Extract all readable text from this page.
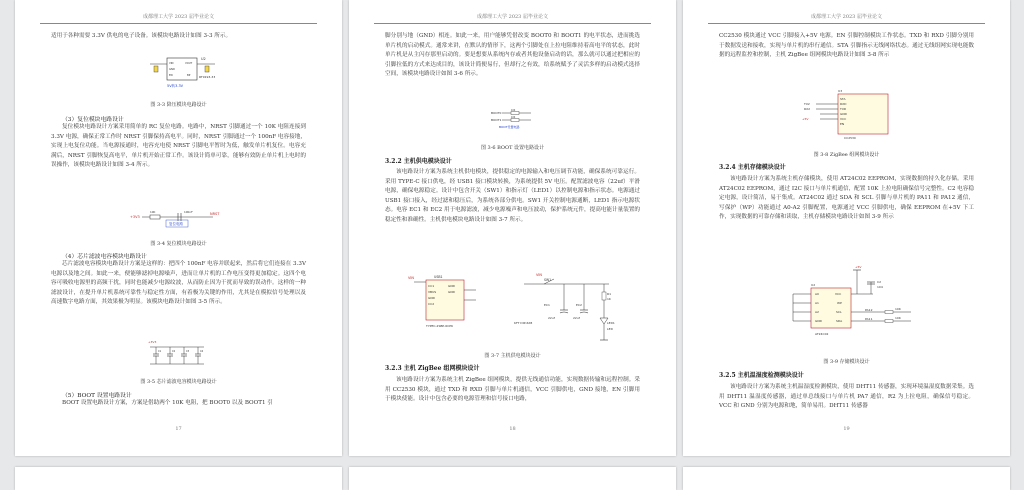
成都理工大学 2023 届毕业论文
适用于各种需要 3.3V 供电的电子设备。该模块电路设计如图 3-3 所示。
U2
RT9193-33
5V转3.3V
VIN
GND
EN
VOUT
BP
图 3-3 降压模块电路设计
（3）复位模块电路设计
复位模块电路设计方案采用简单的 RC 复位电路。电路中，NRST 引脚通过一个 10K 电阻连接到 3.3V 电源，确保正常工作时 NRST 引脚保持高电平。同时，NRST 引脚通过一个 100nF 电容接地，实现上电复位功能。当电源接通时，电容充电使 NRST 引脚电平暂时为低，触发单片机复位。电容充满后，NRST 引脚恢复高电平，单片机开始正常工作。该设计简单可靠，能够有效防止单片机上电时的误操作，该模块电路设计如图 3-4 所示。
+3V3
NRST
复位电路
10K	100nF
图 3-4 复位模块电路设计
（4）芯片滤波电容模块电路设计
芯片滤波电容模块电路设计方案是这样的：把四个 100nF 电容并联起来，然后将它们连接在 3.3V 电源以及地之间。如此一来，便能够滤掉电源噪声，进而让单片机的工作电压变得更加稳定。这四个电容可吸收电源里的高频干扰，同时也能减少电源纹波，从而防止因为干扰而导致的误动作。这样的一种滤波设计，在提升单片机系统可靠性与稳定性方面，有着极为关键的作用，尤其是在模拟信号处理以及高速数字电路方面，其效果极为明显。该模块电路设计如图 3-5 所示。
+3V3
C1	C2	C3	C4
图 3-5 芯片滤波电容模块电路设计
（5）BOOT 设置电路设计
BOOT 设置电路设计方案，方案是借助两个 10K 电阻，把 BOOT0 以及 BOOT1 引
17
成都理工大学 2023 届毕业论文
脚分别与地（GND）相连。如此一来，用户能够凭借改变 BOOT0 和 BOOT1 的电平状态，进而挑选单片机的启动模式。通常来讲，在默认的情形下，这两个引脚处在上拉电阻维持着高电平的状态，此时单片机是从主闪存那里启动的。要是想要从系统内存或者其他设备启动的话，那么就可以通过把相应的引脚拉低的方式来达成目的，该设计简便易行，但却行之有效，给系统赋予了灵活多样的启动模式选择空间，该模块电路设计如图 3-6 所示。
BOOT0
BOOT1
10K
10K
BOOT设置电路
图 3-6 BOOT 设置电路设计
3.2.2 主机供电模块设计
该电路设计方案为系统主机供电模块，提供稳定的电源输入和电压调节功能，确保系统可靠运行。采用 TYPE-C 接口供电，经 USB1 接口模块转换，为系统提供 5V 电压。配置滤波电容（22uf）平滑电源，确保电源稳定。设计中包含开关（SW1）和指示灯（LED1）以控制电源和指示状态。电源通过 USB1 接口接入，经过滤和稳压后，为系统各部分供电。SW1 开关控制电源通断，LED1 指示电源状态。电容 EC1 和 EC2 用于电源滤波，减少电源噪声和电压波动，保护系统元件，提高电能计量装置的稳定性和准确性。主机供电模块电路设计如图 3-7 所示。
VIN	USB1
CC1
VBUS
GND
CC2
GND
GND
TYPEC-2SBP-6CP6
VIN
SW1
KFT DIP-6X8
EC1
22uf
EC2
22uf
R1
1K
LED1
LED
图 3-7 主机供电模块设计
3.2.3 主机 ZigBee 组网模块设计
该电路设计方案为系统主机 ZigBee 组网模块，提供无线通信功能，实现数据传输和远程控制。采用 CC2530 模块，通过 TXD 和 RXD 引脚与单片机通信，VCC 引脚供电，GND 接地，EN 引脚用于模块使能。设计中包含必要的电源管理和信号接口电路，
18
成都理工大学 2023 届毕业论文
CC2530 模块通过 VCC 引脚接入+5V 电源。EN 引脚控制模块工作状态。TXD 和 RXD 引脚分别用于数据发送和接收，实现与单片机的串行通信。STA 引脚指示无线网络状态。通过无线组网实现电能数据的远程监控和控制，主机 ZigBee 组网模块电路设计如图 3-8 所示
U3
STA
RXD
TXD
GND
VCC
EN
CC2530
TX2
RX2
+5V
图 3-8 ZigBee 组网模块设计
3.2.4 主机存储模块设计
该电路设计方案为系统主机存储模块，使用 AT24C02 EEPROM，实现数据的持久化存储。采用 AT24C02 EEPROM，通过 I2C 接口与单片机通信，配置 10K 上拉电阻确保信号完整性。C2 电容稳定电源，设计简洁，易于集成。AT24C02 通过 SDA 和 SCL 引脚与单片机的 PA11 和 PA12 通信，写保护（WP）功能通过 A0-A2 引脚配置，电源通过 VCC 引脚供电，确保 EEPROM 在+5V 下工作，实现数据的可靠存储和读取，主机存储模块电路设计如图 3-9 所示
+5V
U2
A0
A1
A2
GND
VCC
WP
SCL
SDA
AT24C02
C2
104
PA12
PA11
10K
10K
图 3-9 存储模块设计
3.2.5 主机温湿度检测模块设计
该电路设计方案为系统主机温湿度检测模块，使用 DHT11 传感器，实现环境温湿度数据采集。选用 DHT11 温湿度传感器，通过单总线接口与单片机 PA7 通信，R2 为上拉电阻，确保信号稳定。VCC 和 GND 分别为电源和地，简单易用。DHT11 传感器
19
